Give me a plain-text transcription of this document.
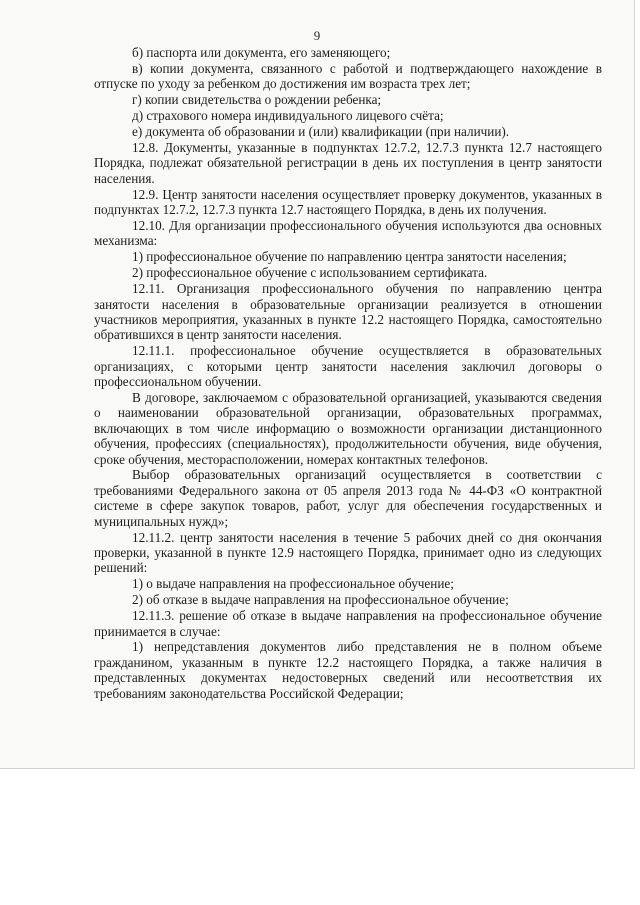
9

б) паспорта или документа, его заменяющего;

в) копии документа, связанного с работой и подтверждающего нахождение в отпуске по уходу за ребенком до достижения им возраста трех лет;

г) копии свидетельства о рождении ребенка;

д) страхового номера индивидуального лицевого счёта;

е) документа об образовании и (или) квалификации (при наличии).

12.8. Документы, указанные в подпунктах 12.7.2, 12.7.3 пункта 12.7 настоящего Порядка, подлежат обязательной регистрации в день их поступления в центр занятости населения.

12.9. Центр занятости населения осуществляет проверку документов, указанных в подпунктах 12.7.2, 12.7.3 пункта 12.7 настоящего Порядка, в день их получения.

12.10. Для организации профессионального обучения используются два основных механизма:

1) профессиональное обучение по направлению центра занятости населения;

2) профессиональное обучение с использованием сертификата.

12.11. Организация профессионального обучения по направлению центра занятости населения в образовательные организации реализуется в отношении участников мероприятия, указанных в пункте 12.2 настоящего Порядка, самостоятельно обратившихся в центр занятости населения.

12.11.1. профессиональное обучение осуществляется в образовательных организациях, с которыми центр занятости населения заключил договоры о профессиональном обучении.

В договоре, заключаемом с образовательной организацией, указываются сведения о наименовании образовательной организации, образовательных программах, включающих в том числе информацию о возможности организации дистанционного обучения, профессиях (специальностях), продолжительности обучения, виде обучения, сроке обучения, месторасположении, номерах контактных телефонов.

Выбор образовательных организаций осуществляется в соответствии с требованиями Федерального закона от 05 апреля 2013 года № 44-ФЗ «О контрактной системе в сфере закупок товаров, работ, услуг для обеспечения государственных и муниципальных нужд»;

12.11.2. центр занятости населения в течение 5 рабочих дней со дня окончания проверки, указанной в пункте 12.9 настоящего Порядка, принимает одно из следующих решений:

1) о выдаче направления на профессиональное обучение;

2) об отказе в выдаче направления на профессиональное обучение;

12.11.3. решение об отказе в выдаче направления на профессиональное обучение принимается в случае:

1) непредставления документов либо представления не в полном объеме гражданином, указанным в пункте 12.2 настоящего Порядка, а также наличия в представленных документах недостоверных сведений или несоответствия их требованиям законодательства Российской Федерации;
